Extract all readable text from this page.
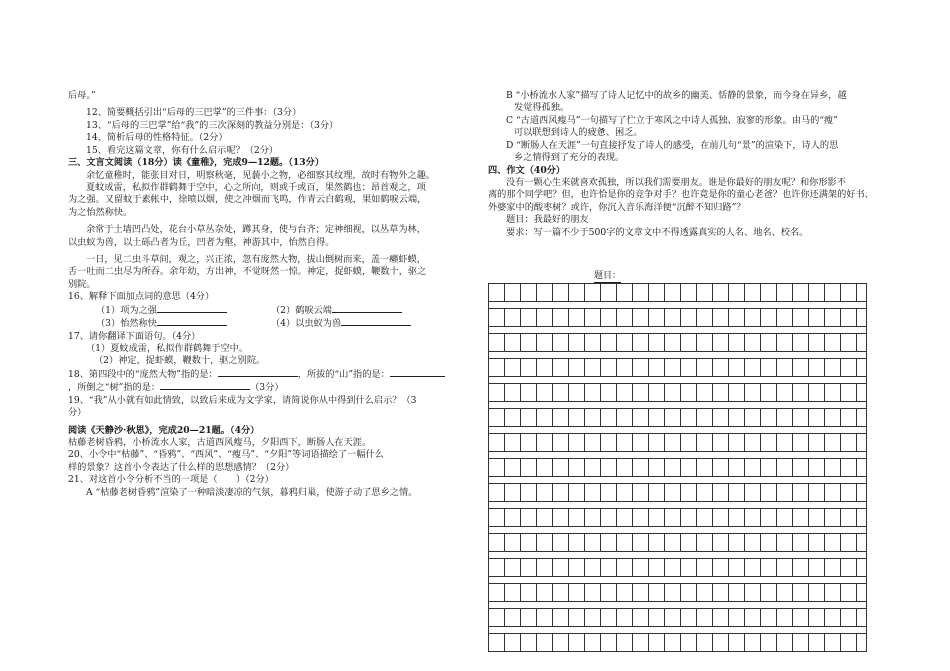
后母。”

12、简要概括引出“后母的三巴掌”的三件事：（3分）

13、“后母的三巴掌”给“我”的三次深刻的教益分别是：（3分）

14、简析后母的性格特征。（2分）

15、看完这篇文章，你有什么启示呢？（2分）

三、文言文阅读（18分）读《童稚》，完成9—12题。（13分）

余忆童稚时，能张目对日，明察秋毫，见藐小之物，必细察其纹理，故时有物外之趣。

夏蚊成雷，私拟作群鹤舞于空中，心之所向，则或千或百，果然鹤也；昂首观之，项

为之强。又留蚊于素帐中，徐喷以烟，使之冲烟而飞鸣，作青云白鹤观，果如鹤唳云端，

为之怡然称快。

余常于土墙凹凸处，花台小草丛杂处，蹲其身，使与台齐；定神细视，以丛草为林，

以虫蚁为兽，以土砾凸者为丘，凹者为壑，神游其中，怡然自得。

一日，见二虫斗草间，观之，兴正浓，忽有庞然大物，拔山倒树而来，盖一癞虾蟆，

舌一吐而二虫尽为所吞。余年幼，方出神，不觉呀然一惊。神定，捉虾蟆，鞭数十，驱之

别院。

16、解释下面加点词的意思（4分）

（1）项为之强	（2）鹤唳云端
（3）怡然称快	（4）以虫蚁为兽

17、请你翻译下面语句。（4分）

（1）夏蚊成雷，私拟作群鹤舞于空中。

（2）神定，捉虾蟆，鞭数十，驱之别院。

18、第四段中的“庞然大物”指的是：	，所拔的“山”指的是：

，所倒之“树”指的是：	（3分）

19、“我”从小就有如此情致，以致后来成为文学家，请简说你从中得到什么启示？（3

分）

阅读《天静沙·秋思》，完成20—21题。（4分）

枯藤老树昏鸦，小桥流水人家，古道西风瘦马，夕阳西下，断肠人在天涯。

20、小令中“枯藤”、“昏鸦”、“西风”、“瘦马”、“夕阳”等词语描绘了一幅什么

样的景象？这首小令表达了什么样的思想感情？（2分）

21、对这首小令分析不当的一项是（　　）（2分）

A “枯藤老树昏鸦”渲染了一种暗淡凄凉的气氛，暮鸦归巢，使游子动了思乡之情。

B “小桥流水人家”描写了诗人记忆中的故乡的幽美、恬静的景象，而今身在异乡，越

发觉得孤独。

C “古道西风瘦马”一句描写了伫立于寒风之中诗人孤独、寂寥的形象。由马的“瘦”

可以联想到诗人的疲惫、困乏。

D “断肠人在天涯”一句直接抒发了诗人的感受，在前几句“景”的渲染下，诗人的思

乡之情得到了充分的表现。

四、作文（40分）

没有一颗心生来就喜欢孤独，所以我们需要朋友。谁是你最好的朋友呢？和你形影不

离的那个同学吧？但，也许恰是你的竞争对手？也许竟是你的童心老爸？也许你还满架的好书、

外婆家中的酸枣树？或许，你沉入音乐海洋便“沉醉不知归路”？

题目：我最好的朋友

要求：写一篇不少于500字的文章文中不得透露真实的人名、地名、校名。

题目：
